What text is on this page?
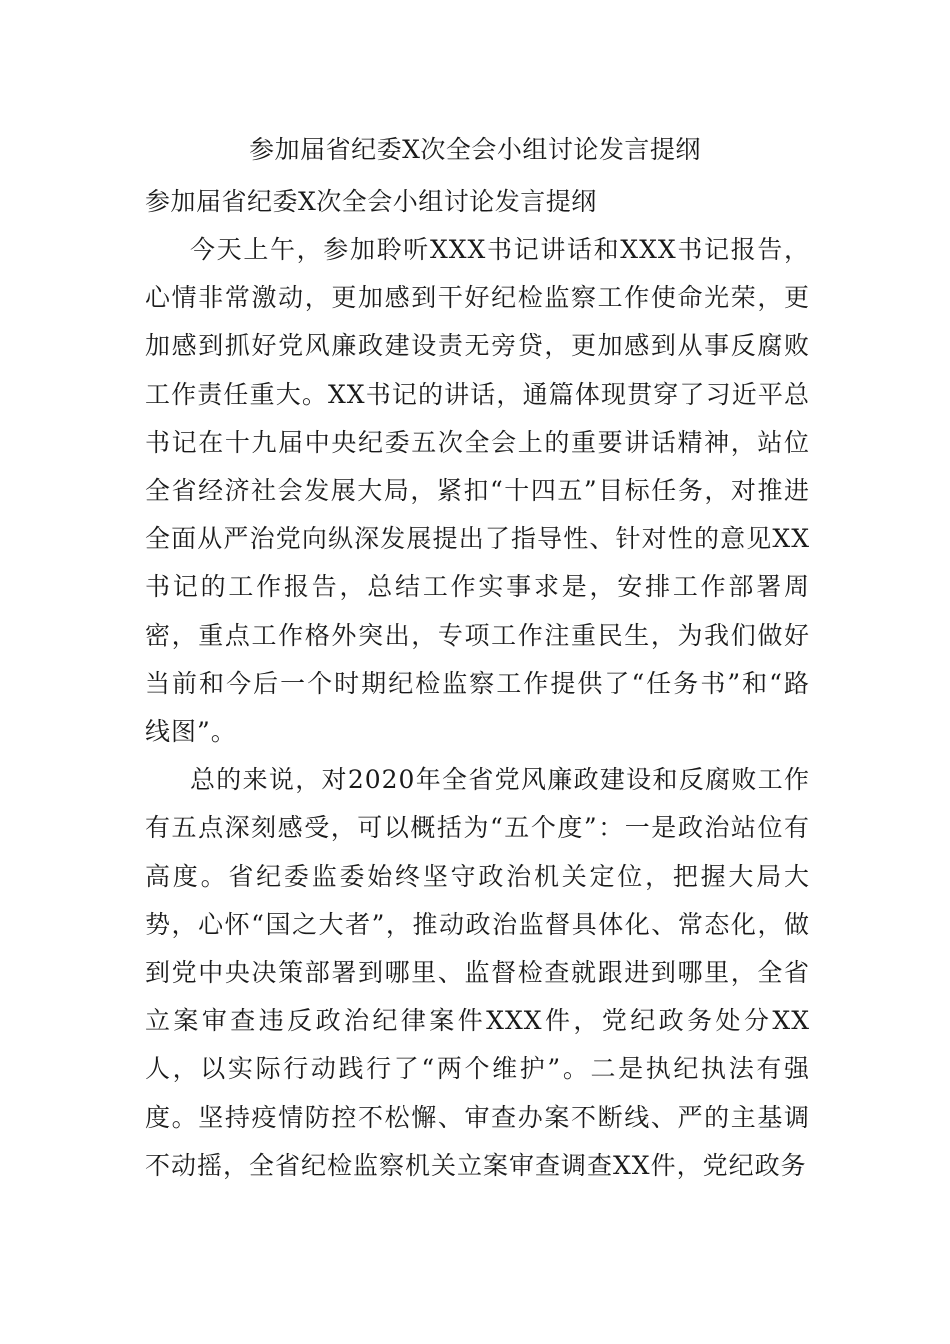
参加届省纪委X次全会小组讨论发言提纲

参加届省纪委X次全会小组讨论发言提纲

今天上午，参加聆听XXX书记讲话和XXX书记报告，心情非常激动，更加感到干好纪检监察工作使命光荣，更加感到抓好党风廉政建设责无旁贷，更加感到从事反腐败工作责任重大。XX书记的讲话，通篇体现贯穿了习近平总书记在十九届中央纪委五次全会上的重要讲话精神，站位全省经济社会发展大局，紧扣“十四五”目标任务，对推进全面从严治党向纵深发展提出了指导性、针对性的意见XX书记的工作报告，总结工作实事求是，安排工作部署周密，重点工作格外突出，专项工作注重民生，为我们做好当前和今后一个时期纪检监察工作提供了“任务书”和“路线图”。

总的来说，对2020年全省党风廉政建设和反腐败工作有五点深刻感受，可以概括为“五个度”：一是政治站位有高度。省纪委监委始终坚守政治机关定位，把握大局大势，心怀“国之大者”，推动政治监督具体化、常态化，做到党中央决策部署到哪里、监督检查就跟进到哪里，全省立案审查违反政治纪律案件XXX件，党纪政务处分XX人，以实际行动践行了“两个维护”。二是执纪执法有强度。坚持疫情防控不松懈、审查办案不断线、严的主基调不动摇，全省纪检监察机关立案审查调查XX件，党纪政务
